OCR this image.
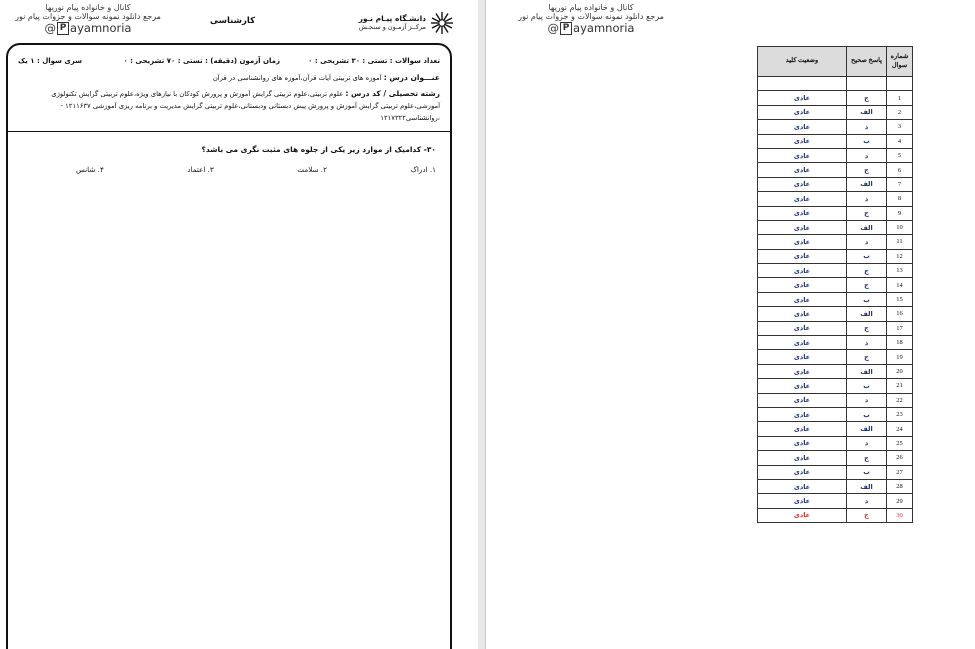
کانال و خانواده پیام نوریها
مرجع دانلود نمونه سوالات و جزوات پیام نور
@ P ayamnoria	کارشناسی	دانشـگاه پیـام نـور
مرکــز آزمـون و سنجـش
تعداد سوالات : تستی : ۳۰ تشریحی : ۰
زمان آزمون (دقیقه) : تستی : ۷۰ تشریحی : ۰
سری سوال : ۱ یک
عنـــوان درس : آموزه های تربیتی آیات قرآن،آموزه های روانشناسی در قرآن
رشته تحصیلی / کد درس : علوم تربیتی،علوم تربیتی گرایش آموزش و پرورش کودکان با نیازهای ویژه،علوم تربیتی گرایش تکنولوژی آموزشی،علوم تربیتی گرایش آموزش و پرورش پیش دبستانی ودبستانی،علوم تربیتی گرایش مدیریت و برنامه ریزی آموزشی ۱۲۱۱۶۳۷ - ،روانشناسی۱۲۱۷۳۲۲
۳۰- کدامیک از موارد زیر یکی از جلوه های مثبت نگری می باشد؟
۱. ادراک
۲. سلامت
۳. اعتماد
۴. شانس
کانال و خانواده پیام نوریها
مرجع دانلود نمونه سوالات و جزوات پیام نور
@ P ayamnoria
وضعیت کلید	پاسخ صحیح	شماره سوال

عادی	ج	1
عادی	الف	2
عادی	د	3
عادی	ب	4
عادی	د	5
عادی	ج	6
عادی	الف	7
عادی	د	8
عادی	ج	9
عادی	الف	10
عادی	د	11
عادی	ب	12
عادی	ج	13
عادی	ج	14
عادی	ب	15
عادی	الف	16
عادی	ج	17
عادی	د	18
عادی	ج	19
عادی	الف	20
عادی	ب	21
عادی	د	22
عادی	ب	23
عادی	الف	24
عادی	د	25
عادی	ج	26
عادی	ب	27
عادی	الف	28
عادی	د	29
عادی	ج	30
